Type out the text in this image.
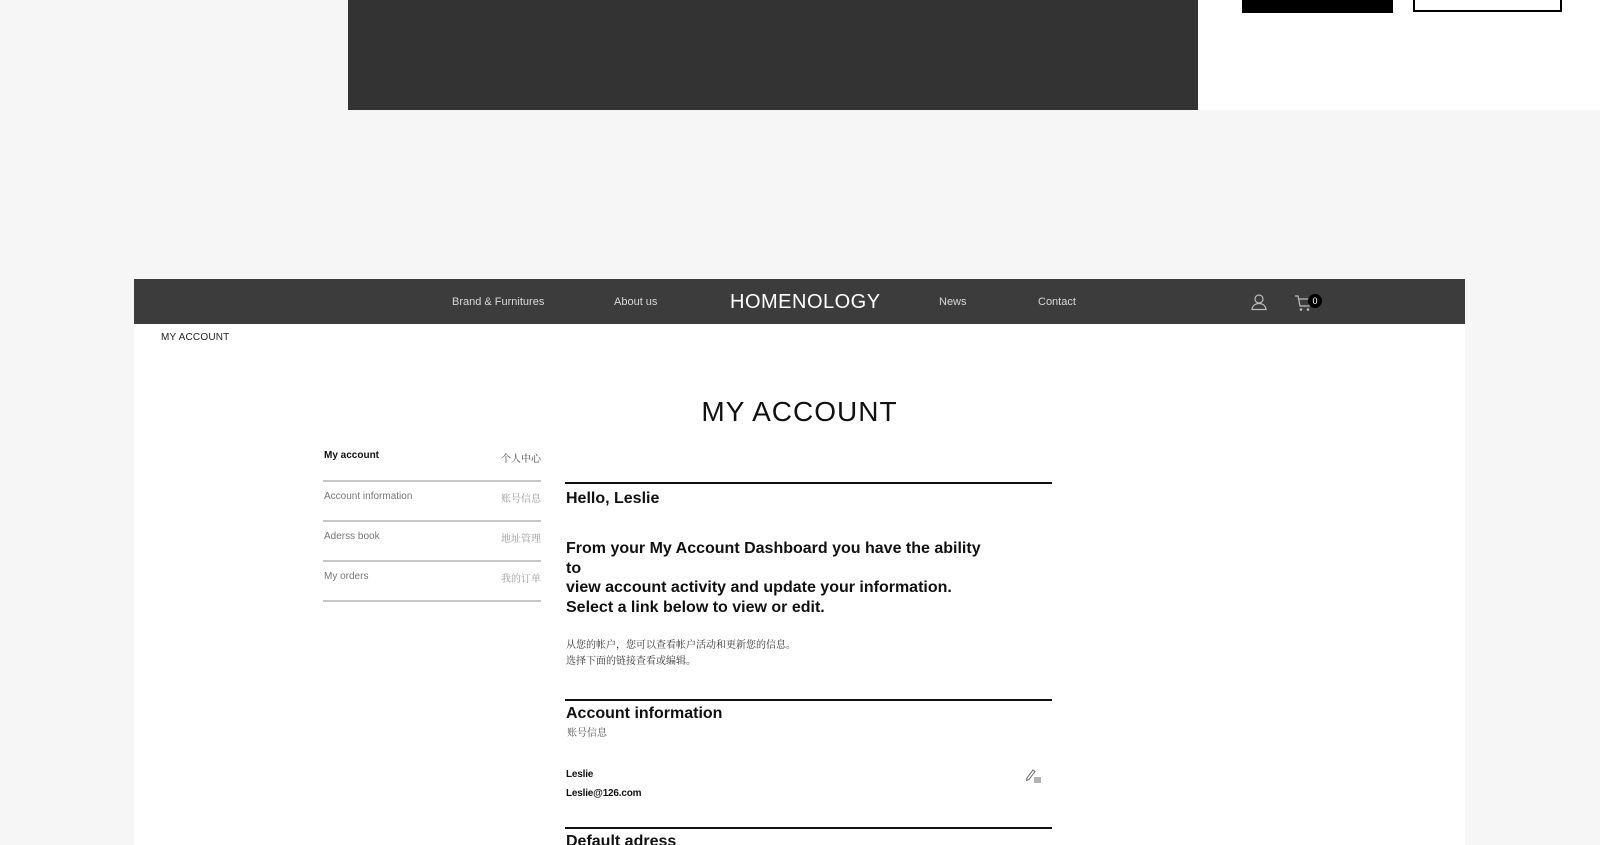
Brand & Furnitures	About us	HOMENOLOGY	News	Contact	0
MY ACCOUNT
MY ACCOUNT
My account	个人中心
Account information	账号信息
Aderss book	地址管理
My orders	我的订单
Hello, Leslie
From your My Account Dashboard you have the ability to
view account activity and update your information.
Select a link below to view or edit.
从您的帐户，您可以查看帐户活动和更新您的信息。
选择下面的链接查看或编辑。
Account information
账号信息
Leslie
Leslie@126.com
Default adress
